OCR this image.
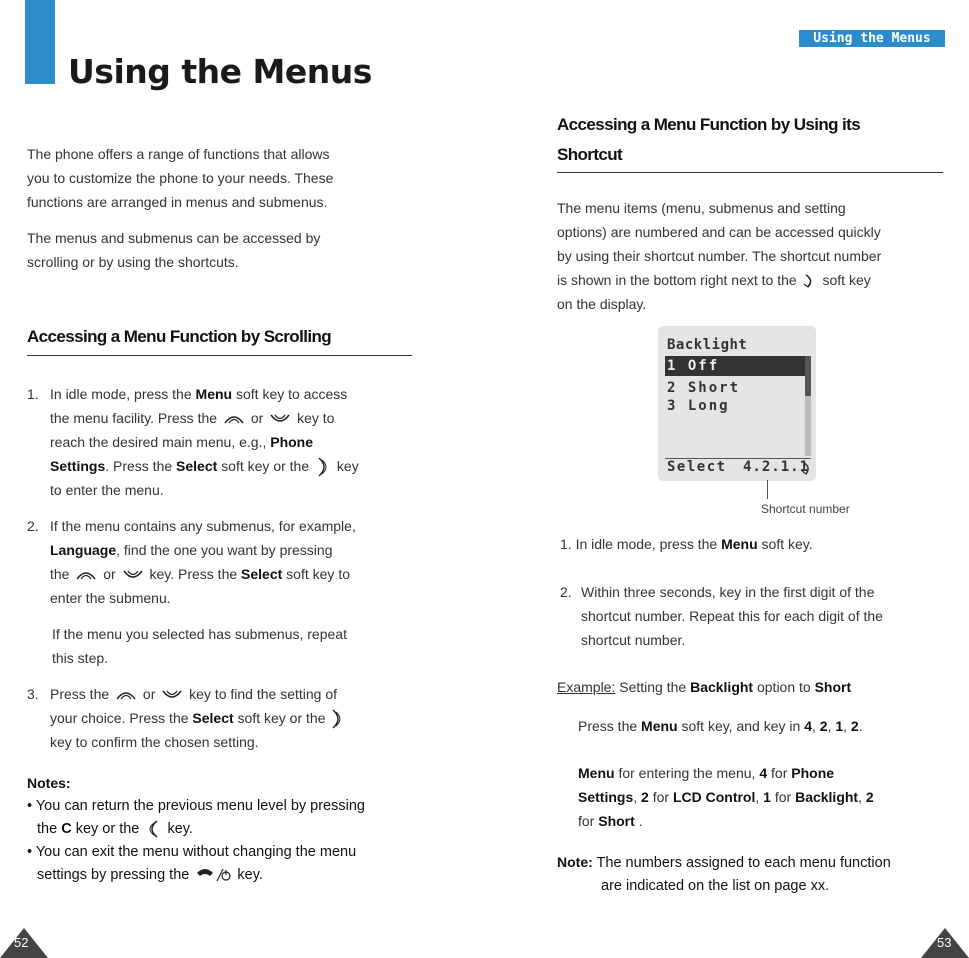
Using the Menus
Using the Menus
The phone offers a range of functions that allows
you to customize the phone to your needs. These
functions are arranged in menus and submenus.
The menus and submenus can be accessed by
scrolling or by using the shortcuts.
Accessing a Menu Function by Scrolling
1. In idle mode, press the Menu soft key to access
the menu facility. Press the or key to
reach the desired main menu, e.g., Phone
Settings. Press the Select soft key or the key
to enter the menu.
2. If the menu contains any submenus, for example,
Language, find the one you want by pressing
the or key. Press the Select soft key to
enter the submenu.
If the menu you selected has submenus, repeat
this step.
3. Press the or key to find the setting of
your choice. Press the Select soft key or the
key to confirm the chosen setting.
Notes:
• You can return the previous menu level by pressing
the C key or the key.
• You can exit the menu without changing the menu
settings by pressing the	key.
52
Accessing a Menu Function by Using its
Shortcut
The menu items (menu, submenus and setting
options) are numbered and can be accessed quickly
by using their shortcut number. The shortcut number
is shown in the bottom right next to the soft key
on the display.
Backlight
1 Off
2 Short
3 Long
Select 4.2.1.1
Shortcut number
1. In idle mode, press the Menu soft key.
2. Within three seconds, key in the first digit of the
shortcut number. Repeat this for each digit of the
shortcut number.
Example: Setting the Backlight option to Short
Press the Menu soft key, and key in 4, 2, 1, 2.
Menu for entering the menu, 4 for Phone
Settings, 2 for LCD Control, 1 for Backlight, 2
for Short .
Note: The numbers assigned to each menu function
are indicated on the list on page xx.
53
